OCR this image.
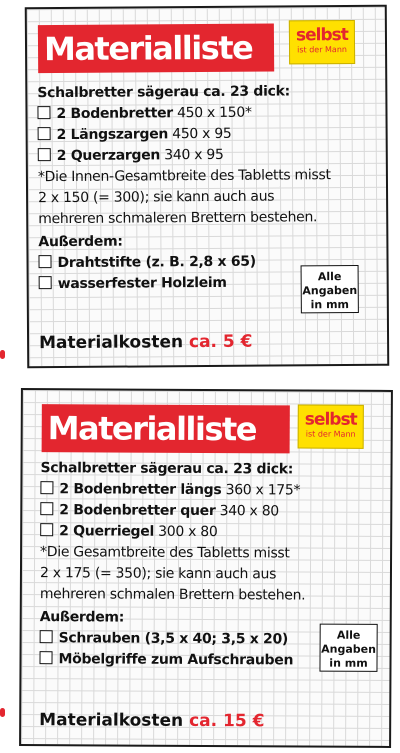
Materialliste	selbst
ist der Mann
Schalbretter sägerau ca. 23 dick:
2 Bodenbretter 450 x 150*
2 Längszargen 450 x 95
2 Querzargen 340 x 95
*Die Innen-Gesamtbreite des Tabletts misst
2 x 150 (= 300); sie kann auch aus
mehreren schmaleren Brettern bestehen.
Außerdem:
Drahtstifte (z. B. 2,8 x 65)
wasserfester Holzleim	Alle
Angaben
in mm
Materialkosten ca. 5 €
Materialliste	selbst
ist der Mann
Schalbretter sägerau ca. 23 dick:
2 Bodenbretter längs 360 x 175*
2 Bodenbretter quer 340 x 80
2 Querriegel 300 x 80
*Die Gesamtbreite des Tabletts misst
2 x 175 (= 350); sie kann auch aus
mehreren schmalen Brettern bestehen.
Außerdem:
Schrauben (3,5 x 40; 3,5 x 20)
Möbelgriffe zum Aufschrauben
Alle
Angaben
in mm
Materialkosten ca. 15 €
